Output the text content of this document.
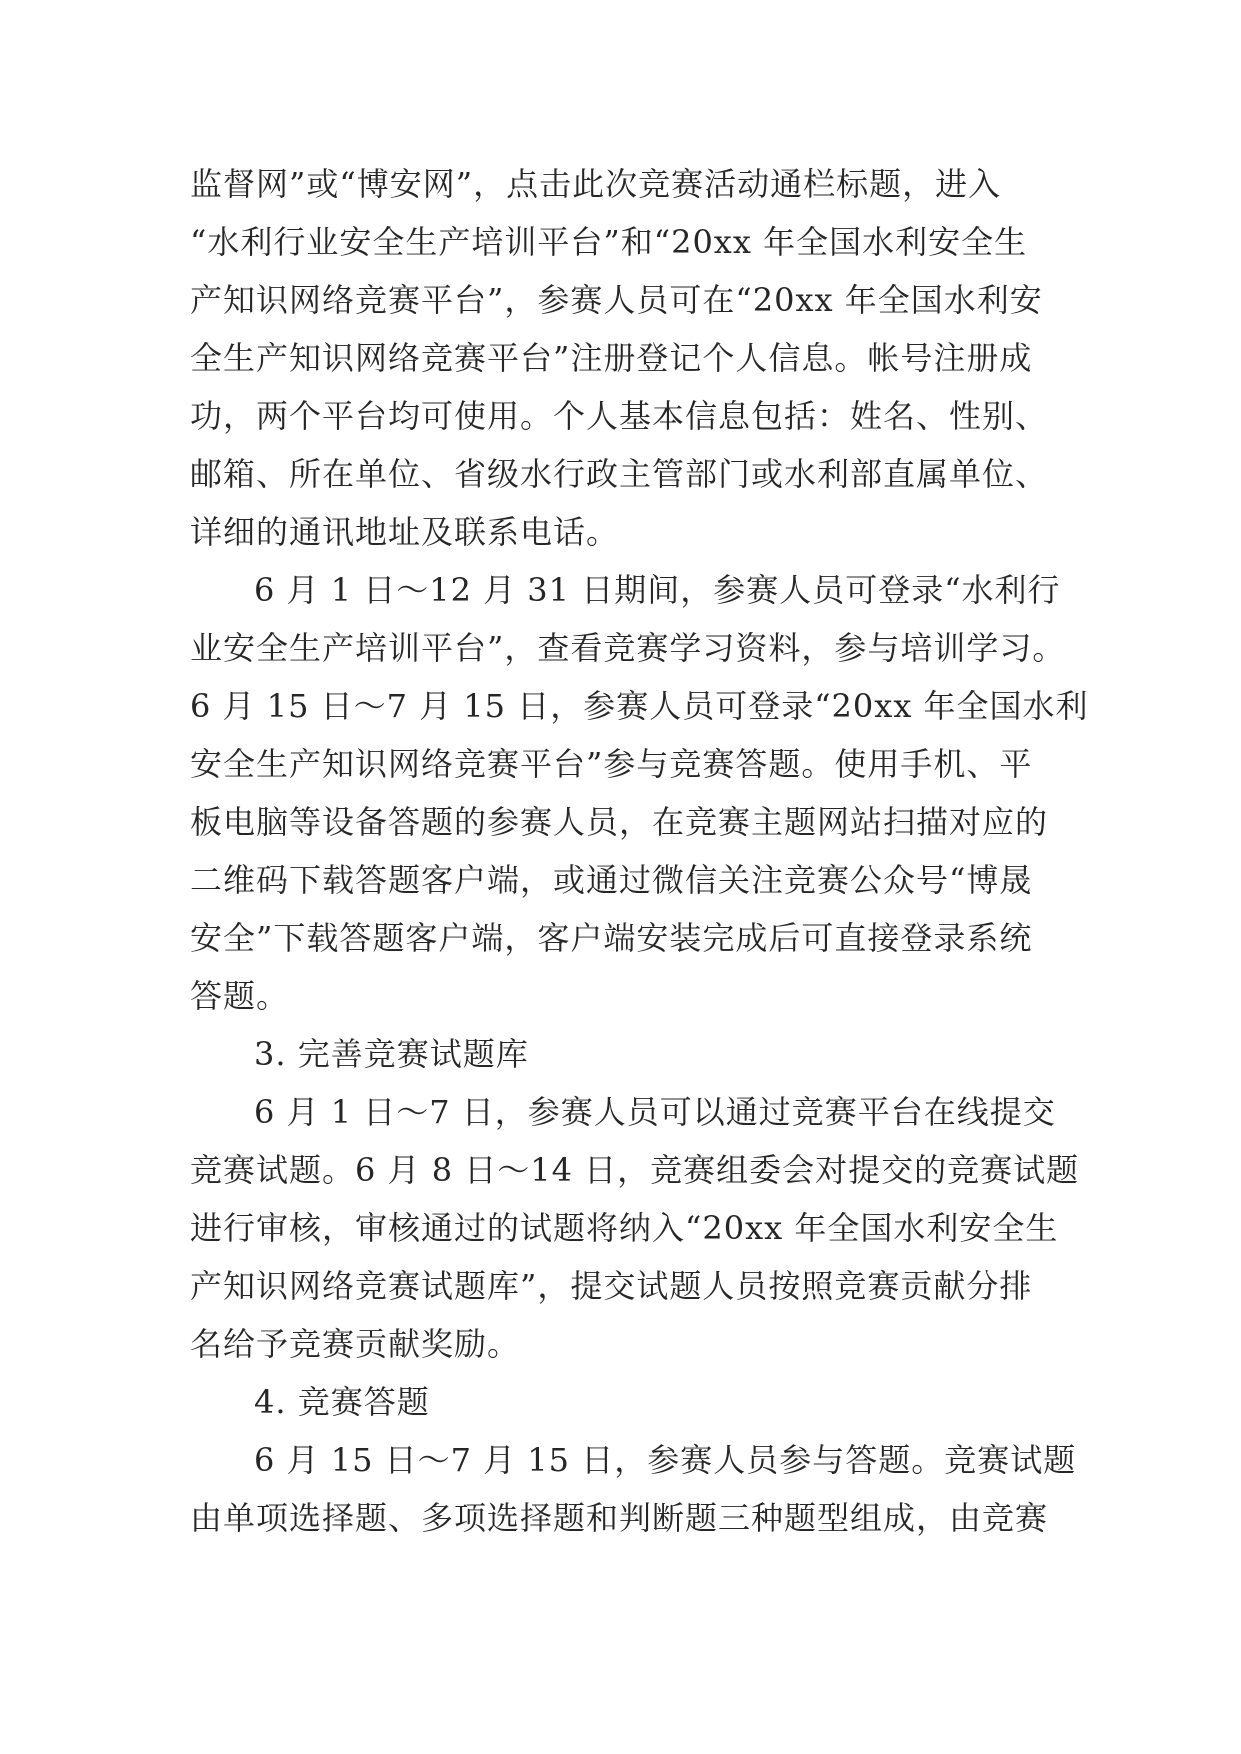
监督网”或“博安网”，点击此次竞赛活动通栏标题，进入
“水利行业安全生产培训平台”和“20xx 年全国水利安全生
产知识网络竞赛平台”，参赛人员可在“20xx 年全国水利安
全生产知识网络竞赛平台”注册登记个人信息。帐号注册成
功，两个平台均可使用。个人基本信息包括：姓名、性别、
邮箱、所在单位、省级水行政主管部门或水利部直属单位、
详细的通讯地址及联系电话。
6 月 1 日～12 月 31 日期间，参赛人员可登录“水利行
业安全生产培训平台”，查看竞赛学习资料，参与培训学习。
6 月 15 日～7 月 15 日，参赛人员可登录“20xx 年全国水利
安全生产知识网络竞赛平台”参与竞赛答题。使用手机、平
板电脑等设备答题的参赛人员，在竞赛主题网站扫描对应的
二维码下载答题客户端，或通过微信关注竞赛公众号“博晟
安全”下载答题客户端，客户端安装完成后可直接登录系统
答题。
3. 完善竞赛试题库
6 月 1 日～7 日，参赛人员可以通过竞赛平台在线提交
竞赛试题。6 月 8 日～14 日，竞赛组委会对提交的竞赛试题
进行审核，审核通过的试题将纳入“20xx 年全国水利安全生
产知识网络竞赛试题库”，提交试题人员按照竞赛贡献分排
名给予竞赛贡献奖励。
4. 竞赛答题
6 月 15 日～7 月 15 日，参赛人员参与答题。竞赛试题
由单项选择题、多项选择题和判断题三种题型组成，由竞赛
